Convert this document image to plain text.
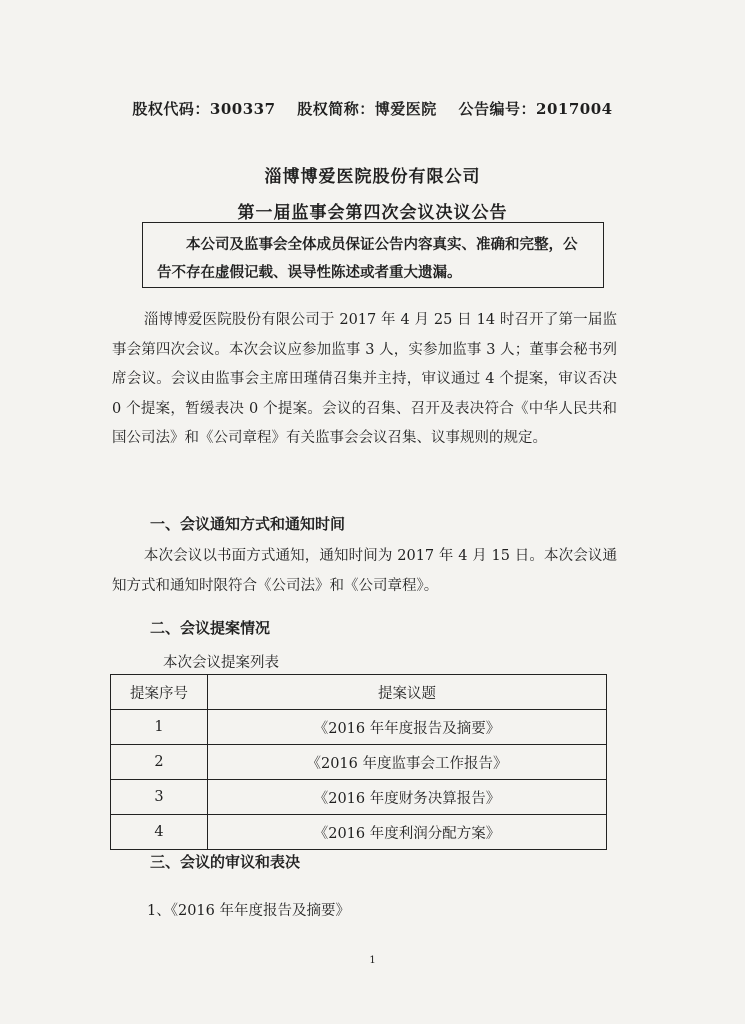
股权代码：300337 股权简称：博爱医院 公告编号：2017004
淄博博爱医院股份有限公司
第一届监事会第四次会议决议公告
本公司及监事会全体成员保证公告内容真实、准确和完整，公告不存在虚假记载、误导性陈述或者重大遗漏。
淄博博爱医院股份有限公司于 2017 年 4 月 25 日 14 时召开了第一届监事会第四次会议。本次会议应参加监事 3 人，实参加监事 3 人；董事会秘书列席会议。会议由监事会主席田瑾倩召集并主持，审议通过 4 个提案，审议否决 0 个提案，暂缓表决 0 个提案。会议的召集、召开及表决符合《中华人民共和国公司法》和《公司章程》有关监事会会议召集、议事规则的规定。
一、会议通知方式和通知时间
本次会议以书面方式通知，通知时间为 2017 年 4 月 15 日。本次会议通知方式和通知时限符合《公司法》和《公司章程》。
二、会议提案情况
本次会议提案列表
提案序号	提案议题
1	《2016 年年度报告及摘要》
2	《2016 年度监事会工作报告》
3	《2016 年度财务决算报告》
4	《2016 年度利润分配方案》
三、会议的审议和表决
1、《2016 年年度报告及摘要》
1
